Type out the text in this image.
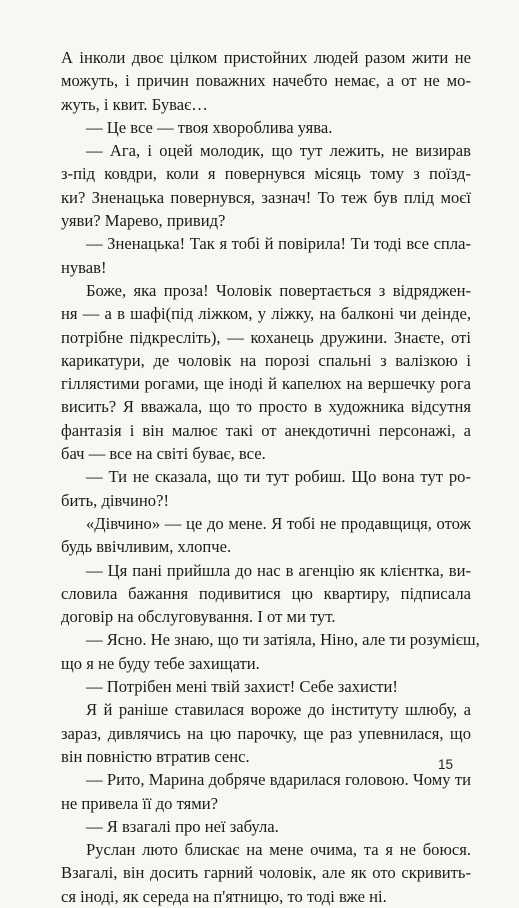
А інколи двоє цілком пристойних людей разом жити не
можуть, і причин поважних начебто немає, а от не мо-
жуть, і квит. Буває…
— Це все — твоя хвороблива уява.
— Ага, і оцей молодик, що тут лежить, не визирав
з-під ковдри, коли я повернувся місяць тому з поїзд-
ки? Зненацька повернувся, зазнач! То теж був плід моєї
уяви? Марево, привид?
— Зненацька! Так я тобі й повірила! Ти тоді все спла-
нував!
Боже, яка проза! Чоловік повертається з відряджен-
ня — а в шафі(під ліжком, у ліжку, на балконі чи деінде,
потрібне підкресліть), — коханець дружини. Знаєте, оті
карикатури, де чоловік на порозі спальні з валізкою і
гіллястими рогами, ще іноді й капелюх на вершечку рога
висить? Я вважала, що то просто в художника відсутня
фантазія і він малює такі от анекдотичні персонажі, а
бач — все на світі буває, все.
— Ти не сказала, що ти тут робиш. Що вона тут ро-
бить, дівчино?!
«Дівчино» — це до мене. Я тобі не продавщиця, отож
будь ввічливим, хлопче.
— Ця пані прийшла до нас в агенцію як клієнтка, ви-
словила бажання подивитися цю квартиру, підписала
договір на обслуговування. І от ми тут.
— Ясно. Не знаю, що ти затіяла, Ніно, але ти розумієш,
що я не буду тебе захищати.
— Потрібен мені твій захист! Себе захисти!
Я й раніше ставилася вороже до інституту шлюбу, а
зараз, дивлячись на цю парочку, ще раз упевнилася, що
він повністю втратив сенс.
— Рито, Марина добряче вдарилася головою. Чому ти
не привела її до тями?
— Я взагалі про неї забула.
Руслан люто блискає на мене очима, та я не боюся.
Взагалі, він досить гарний чоловік, але як ото скривить-
ся іноді, як середа на п'ятницю, то тоді вже ні.
15
